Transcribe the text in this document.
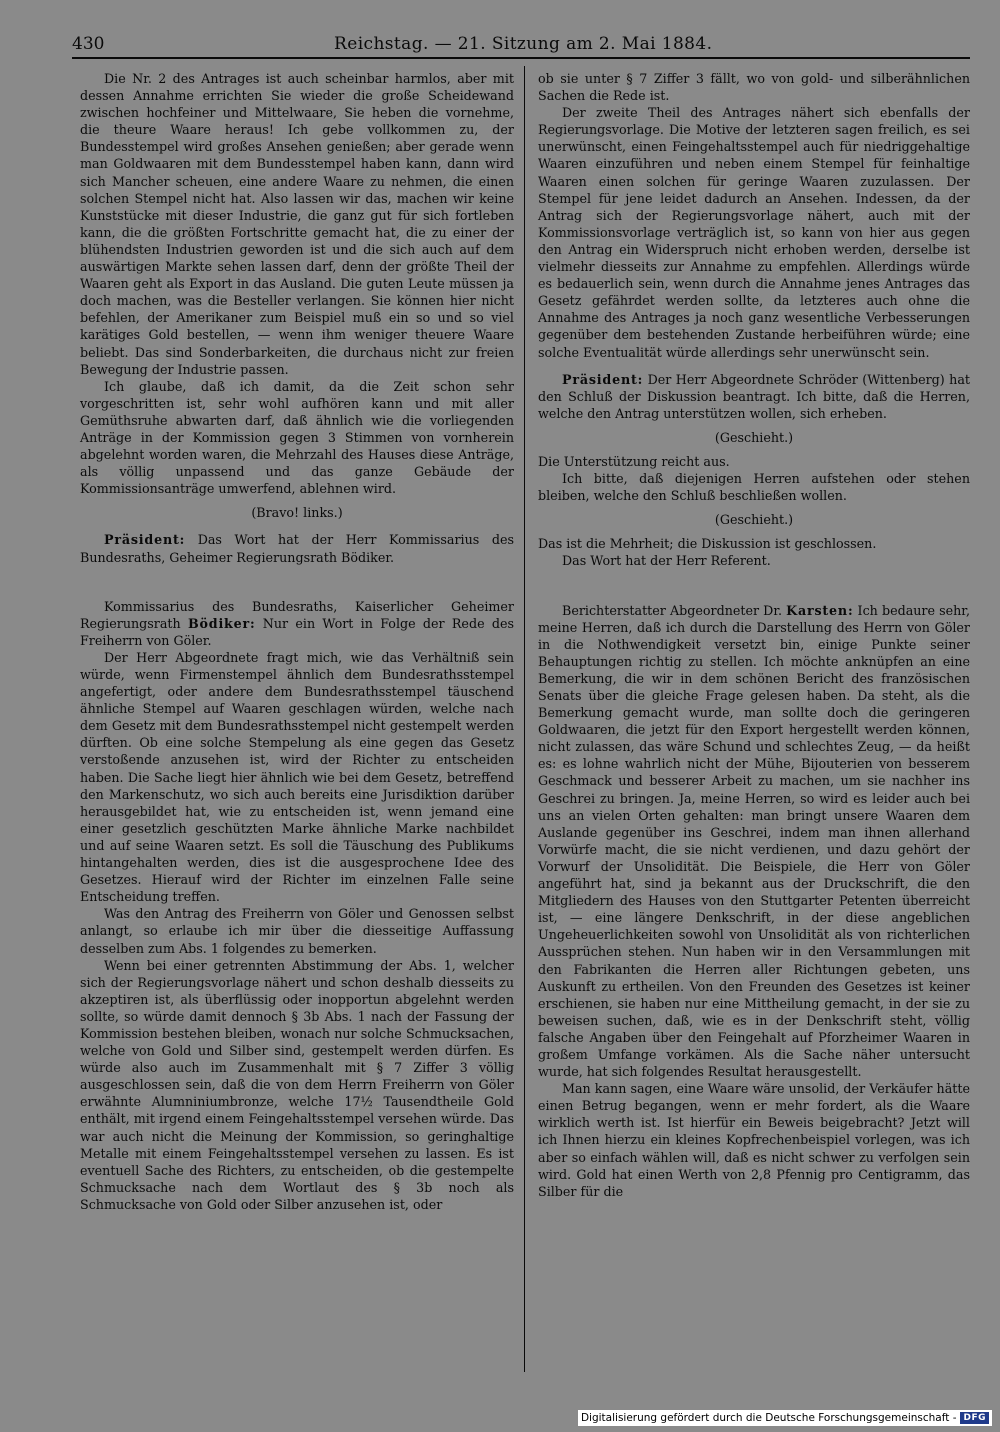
430	Reichstag. — 21. Sitzung am 2. Mai 1884.

Die Nr. 2 des Antrages ist auch scheinbar harmlos, aber mit dessen Annahme errichten Sie wieder die große Scheidewand zwischen hochfeiner und Mittelwaare, Sie heben die vornehme, die theure Waare heraus! Ich gebe vollkommen zu, der Bundesstempel wird großes Ansehen genießen; aber gerade wenn man Goldwaaren mit dem Bundesstempel haben kann, dann wird sich Mancher scheuen, eine andere Waare zu nehmen, die einen solchen Stempel nicht hat. Also lassen wir das, machen wir keine Kunststücke mit dieser Industrie, die ganz gut für sich fortleben kann, die die größten Fortschritte gemacht hat, die zu einer der blühendsten Industrien geworden ist und die sich auch auf dem auswärtigen Markte sehen lassen darf, denn der größte Theil der Waaren geht als Export in das Ausland. Die guten Leute müssen ja doch machen, was die Besteller verlangen. Sie können hier nicht befehlen, der Amerikaner zum Beispiel muß ein so und so viel karätiges Gold bestellen, — wenn ihm weniger theuere Waare beliebt. Das sind Sonderbarkeiten, die durchaus nicht zur freien Bewegung der Industrie passen.

Ich glaube, daß ich damit, da die Zeit schon sehr vorgeschritten ist, sehr wohl aufhören kann und mit aller Gemüthsruhe abwarten darf, daß ähnlich wie die vorliegenden Anträge in der Kommission gegen 3 Stimmen von vornherein abgelehnt worden waren, die Mehrzahl des Hauses diese Anträge, als völlig unpassend und das ganze Gebäude der Kommissionsanträge umwerfend, ablehnen wird.

(Bravo! links.)

Präsident: Das Wort hat der Herr Kommissarius des Bundesraths, Geheimer Regierungsrath Bödiker.

Kommissarius des Bundesraths, Kaiserlicher Geheimer Regierungsrath Bödiker: Nur ein Wort in Folge der Rede des Freiherrn von Göler.

Der Herr Abgeordnete fragt mich, wie das Verhältniß sein würde, wenn Firmenstempel ähnlich dem Bundesrathsstempel angefertigt, oder andere dem Bundesrathsstempel täuschend ähnliche Stempel auf Waaren geschlagen würden, welche nach dem Gesetz mit dem Bundesrathsstempel nicht gestempelt werden dürften. Ob eine solche Stempelung als eine gegen das Gesetz verstoßende anzusehen ist, wird der Richter zu entscheiden haben. Die Sache liegt hier ähnlich wie bei dem Gesetz, betreffend den Markenschutz, wo sich auch bereits eine Jurisdiktion darüber herausgebildet hat, wie zu entscheiden ist, wenn jemand eine einer gesetzlich geschützten Marke ähnliche Marke nachbildet und auf seine Waaren setzt. Es soll die Täuschung des Publikums hintangehalten werden, dies ist die ausgesprochene Idee des Gesetzes. Hierauf wird der Richter im einzelnen Falle seine Entscheidung treffen.

Was den Antrag des Freiherrn von Göler und Genossen selbst anlangt, so erlaube ich mir über die diesseitige Auffassung desselben zum Abs. 1 folgendes zu bemerken.

Wenn bei einer getrennten Abstimmung der Abs. 1, welcher sich der Regierungsvorlage nähert und schon deshalb diesseits zu akzeptiren ist, als überflüssig oder inopportun abgelehnt werden sollte, so würde damit dennoch § 3b Abs. 1 nach der Fassung der Kommission bestehen bleiben, wonach nur solche Schmucksachen, welche von Gold und Silber sind, gestempelt werden dürfen. Es würde also auch im Zusammenhalt mit § 7 Ziffer 3 völlig ausgeschlossen sein, daß die von dem Herrn Freiherrn von Göler erwähnte Alumniniumbronze, welche 17½ Tausendtheile Gold enthält, mit irgend einem Feingehaltsstempel versehen würde. Das war auch nicht die Meinung der Kommission, so geringhaltige Metalle mit einem Feingehaltsstempel versehen zu lassen. Es ist eventuell Sache des Richters, zu entscheiden, ob die gestempelte Schmucksache nach dem Wortlaut des § 3b noch als Schmucksache von Gold oder Silber anzusehen ist, oder

ob sie unter § 7 Ziffer 3 fällt, wo von gold- und silberähnlichen Sachen die Rede ist.

Der zweite Theil des Antrages nähert sich ebenfalls der Regierungsvorlage. Die Motive der letzteren sagen freilich, es sei unerwünscht, einen Feingehaltsstempel auch für niedriggehaltige Waaren einzuführen und neben einem Stempel für feinhaltige Waaren einen solchen für geringe Waaren zuzulassen. Der Stempel für jene leidet dadurch an Ansehen. Indessen, da der Antrag sich der Regierungsvorlage nähert, auch mit der Kommissionsvorlage verträglich ist, so kann von hier aus gegen den Antrag ein Widerspruch nicht erhoben werden, derselbe ist vielmehr diesseits zur Annahme zu empfehlen. Allerdings würde es bedauerlich sein, wenn durch die Annahme jenes Antrages das Gesetz gefährdet werden sollte, da letzteres auch ohne die Annahme des Antrages ja noch ganz wesentliche Verbesserungen gegenüber dem bestehenden Zustande herbeiführen würde; eine solche Eventualität würde allerdings sehr unerwünscht sein.

Präsident: Der Herr Abgeordnete Schröder (Wittenberg) hat den Schluß der Diskussion beantragt. Ich bitte, daß die Herren, welche den Antrag unterstützen wollen, sich erheben.

(Geschieht.)

Die Unterstützung reicht aus.

Ich bitte, daß diejenigen Herren aufstehen oder stehen bleiben, welche den Schluß beschließen wollen.

(Geschieht.)

Das ist die Mehrheit; die Diskussion ist geschlossen.

Das Wort hat der Herr Referent.

Berichterstatter Abgeordneter Dr. Karsten: Ich bedaure sehr, meine Herren, daß ich durch die Darstellung des Herrn von Göler in die Nothwendigkeit versetzt bin, einige Punkte seiner Behauptungen richtig zu stellen. Ich möchte anknüpfen an eine Bemerkung, die wir in dem schönen Bericht des französischen Senats über die gleiche Frage gelesen haben. Da steht, als die Bemerkung gemacht wurde, man sollte doch die geringeren Goldwaaren, die jetzt für den Export hergestellt werden können, nicht zulassen, das wäre Schund und schlechtes Zeug, — da heißt es: es lohne wahrlich nicht der Mühe, Bijouterien von besserem Geschmack und besserer Arbeit zu machen, um sie nachher ins Geschrei zu bringen. Ja, meine Herren, so wird es leider auch bei uns an vielen Orten gehalten: man bringt unsere Waaren dem Auslande gegenüber ins Geschrei, indem man ihnen allerhand Vorwürfe macht, die sie nicht verdienen, und dazu gehört der Vorwurf der Unsolidität. Die Beispiele, die Herr von Göler angeführt hat, sind ja bekannt aus der Druckschrift, die den Mitgliedern des Hauses von den Stuttgarter Petenten überreicht ist, — eine längere Denkschrift, in der diese angeblichen Ungeheuerlichkeiten sowohl von Unsolidität als von richterlichen Aussprüchen stehen. Nun haben wir in den Versammlungen mit den Fabrikanten die Herren aller Richtungen gebeten, uns Auskunft zu ertheilen. Von den Freunden des Gesetzes ist keiner erschienen, sie haben nur eine Mittheilung gemacht, in der sie zu beweisen suchen, daß, wie es in der Denkschrift steht, völlig falsche Angaben über den Feingehalt auf Pforzheimer Waaren in großem Umfange vorkämen. Als die Sache näher untersucht wurde, hat sich folgendes Resultat herausgestellt.

Man kann sagen, eine Waare wäre unsolid, der Verkäufer hätte einen Betrug begangen, wenn er mehr fordert, als die Waare wirklich werth ist. Ist hierfür ein Beweis beigebracht? Jetzt will ich Ihnen hierzu ein kleines Kopfrechenbeispiel vorlegen, was ich aber so einfach wählen will, daß es nicht schwer zu verfolgen sein wird. Gold hat einen Werth von 2,8 Pfennig pro Centigramm, das Silber für die

Digitalisierung gefördert durch die Deutsche Forschungsgemeinschaft - DFG
